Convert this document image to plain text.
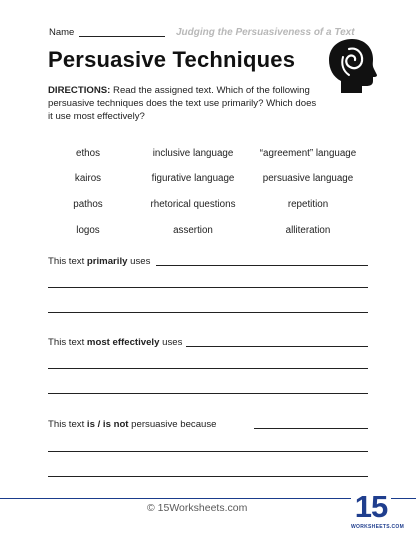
Name	Judging the Persuasiveness of a Text
Persuasive Techniques
DIRECTIONS: Read the assigned text. Which of the following persuasive techniques does the text use primarily? Which does it use most effectively?
ethos	inclusive language	“agreement” language
kairos	figurative language	persuasive language
pathos	rhetorical questions	repetition
logos	assertion	alliteration
This text primarily uses
This text most effectively uses
This text is / is not persuasive because
© 15Worksheets.com	15
WORKSHEETS.COM
